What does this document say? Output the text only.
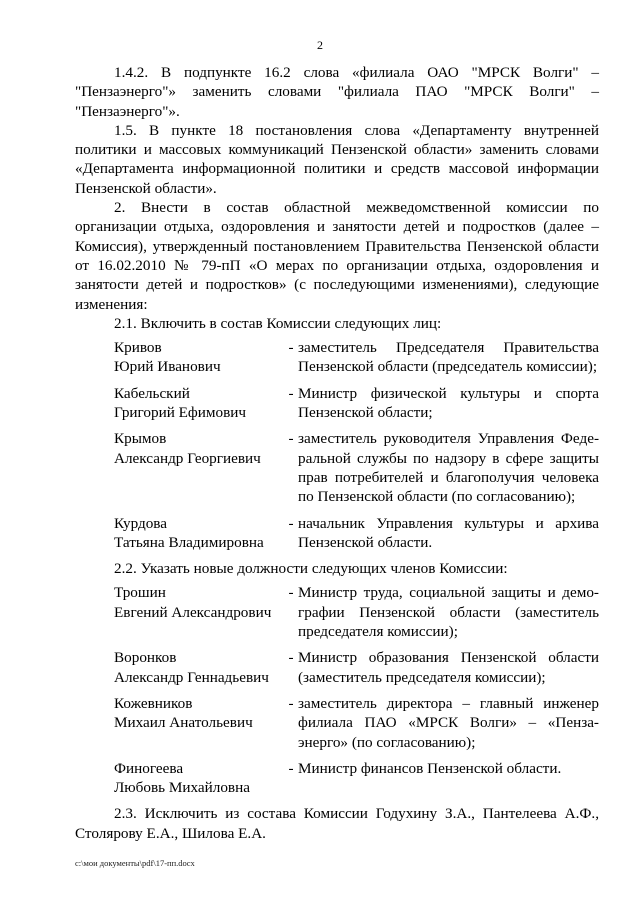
2

1.4.2. В подпункте 16.2 слова «филиала ОАО "МРСК Волги" – "Пензаэнерго"» заменить словами "филиала ПАО "МРСК Волги" – "Пензаэнерго"».

1.5. В пункте 18 постановления слова «Департаменту внутренней политики и массовых коммуникаций Пензенской области» заменить словами «Департамента информационной политики и средств массовой информации Пензенской области».

2. Внести в состав областной межведомственной комиссии по организации отдыха, оздоровления и занятости детей и подростков (далее – Комиссия), утвержденный постановлением Правительства Пензенской области от 16.02.2010 № 79-пП «О мерах по организации отдыха, оздоровления и занятости детей и подростков» (с последующими изменениями), следующие изменения:

2.1. Включить в состав Комиссии следующих лиц:

Кривов
Юрий Иванович
- заместитель Председателя Правительства Пензенской области (председатель комиссии);
Кабельский
Григорий Ефимович
- Министр физической культуры и спорта Пензенской области;
Крымов
Александр Георгиевич
- заместитель руководителя Управления Феде-ральной службы по надзору в сфере защиты прав потребителей и благополучия человека по Пензенской области (по согласованию);
Курдова
Татьяна Владимировна
- начальник Управления культуры и архива Пензенской области.

2.2. Указать новые должности следующих членов Комиссии:

Трошин
Евгений Александрович
- Министр труда, социальной защиты и демо-графии Пензенской области (заместитель председателя комиссии);
Воронков
Александр Геннадьевич
- Министр образования Пензенской области (заместитель председателя комиссии);
Кожевников
Михаил Анатольевич
- заместитель директора – главный инженер филиала ПАО «МРСК Волги» – «Пенза-энерго» (по согласованию);
Финогеева
Любовь Михайловна
- Министр финансов Пензенской области.

2.3. Исключить из состава Комиссии Годухину З.А., Пантелеева А.Ф., Столярову Е.А., Шилова Е.А.

c:\мои документы\pdf\17-пп.docx
